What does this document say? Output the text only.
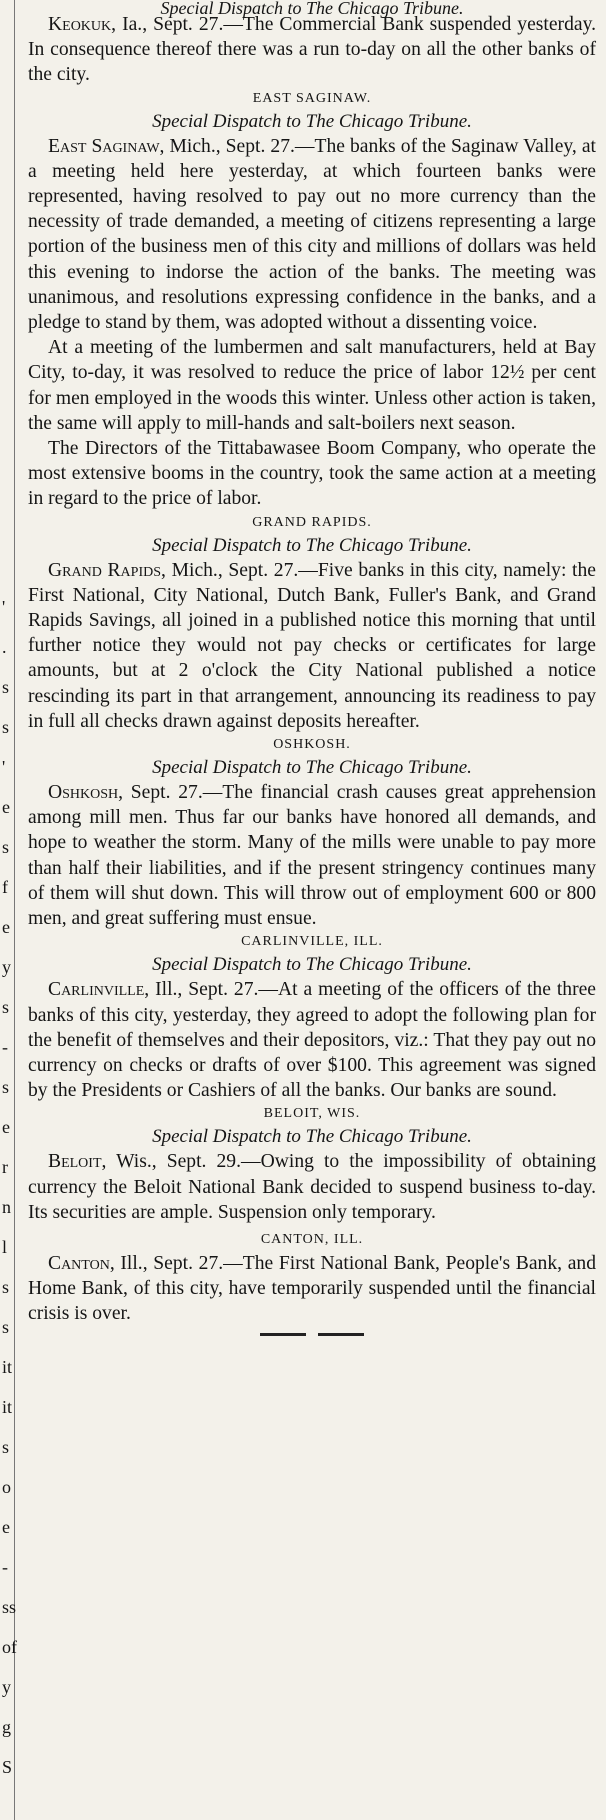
'
.
s
s
'
e
s
f
e
y
s
-
s
e
r
n
l
s
s
it
it
s
o
e
-
ss
of
y
g
S
Special Dispatch to The Chicago Tribune.

Keokuk, Ia., Sept. 27.—The Commercial Bank suspended yesterday. In consequence thereof there was a run to-day on all the other banks of the city.

EAST SAGINAW.

Special Dispatch to The Chicago Tribune.

East Saginaw, Mich., Sept. 27.—The banks of the Saginaw Valley, at a meeting held here yesterday, at which fourteen banks were represented, having resolved to pay out no more currency than the necessity of trade demanded, a meeting of citizens representing a large portion of the business men of this city and millions of dollars was held this evening to indorse the action of the banks. The meeting was unanimous, and resolutions expressing confidence in the banks, and a pledge to stand by them, was adopted without a dissenting voice.

At a meeting of the lumbermen and salt manufacturers, held at Bay City, to-day, it was resolved to reduce the price of labor 12½ per cent for men employed in the woods this winter. Unless other action is taken, the same will apply to mill-hands and salt-boilers next season.

The Directors of the Tittabawasee Boom Company, who operate the most extensive booms in the country, took the same action at a meeting in regard to the price of labor.

GRAND RAPIDS.

Special Dispatch to The Chicago Tribune.

Grand Rapids, Mich., Sept. 27.—Five banks in this city, namely: the First National, City National, Dutch Bank, Fuller's Bank, and Grand Rapids Savings, all joined in a published notice this morning that until further notice they would not pay checks or certificates for large amounts, but at 2 o'clock the City National published a notice rescinding its part in that arrangement, announcing its readiness to pay in full all checks drawn against deposits hereafter.

OSHKOSH.

Special Dispatch to The Chicago Tribune.

Oshkosh, Sept. 27.—The financial crash causes great apprehension among mill men. Thus far our banks have honored all demands, and hope to weather the storm. Many of the mills were unable to pay more than half their liabilities, and if the present stringency continues many of them will shut down. This will throw out of employment 600 or 800 men, and great suffering must ensue.

CARLINVILLE, ILL.

Special Dispatch to The Chicago Tribune.

Carlinville, Ill., Sept. 27.—At a meeting of the officers of the three banks of this city, yesterday, they agreed to adopt the following plan for the benefit of themselves and their depositors, viz.: That they pay out no currency on checks or drafts of over $100. This agreement was signed by the Presidents or Cashiers of all the banks. Our banks are sound.

BELOIT, WIS.

Special Dispatch to The Chicago Tribune.

Beloit, Wis., Sept. 29.—Owing to the impossibility of obtaining currency the Beloit National Bank decided to suspend business to-day. Its securities are ample. Suspension only temporary.

CANTON, ILL.

Canton, Ill., Sept. 27.—The First National Bank, People's Bank, and Home Bank, of this city, have temporarily suspended until the financial crisis is over.
